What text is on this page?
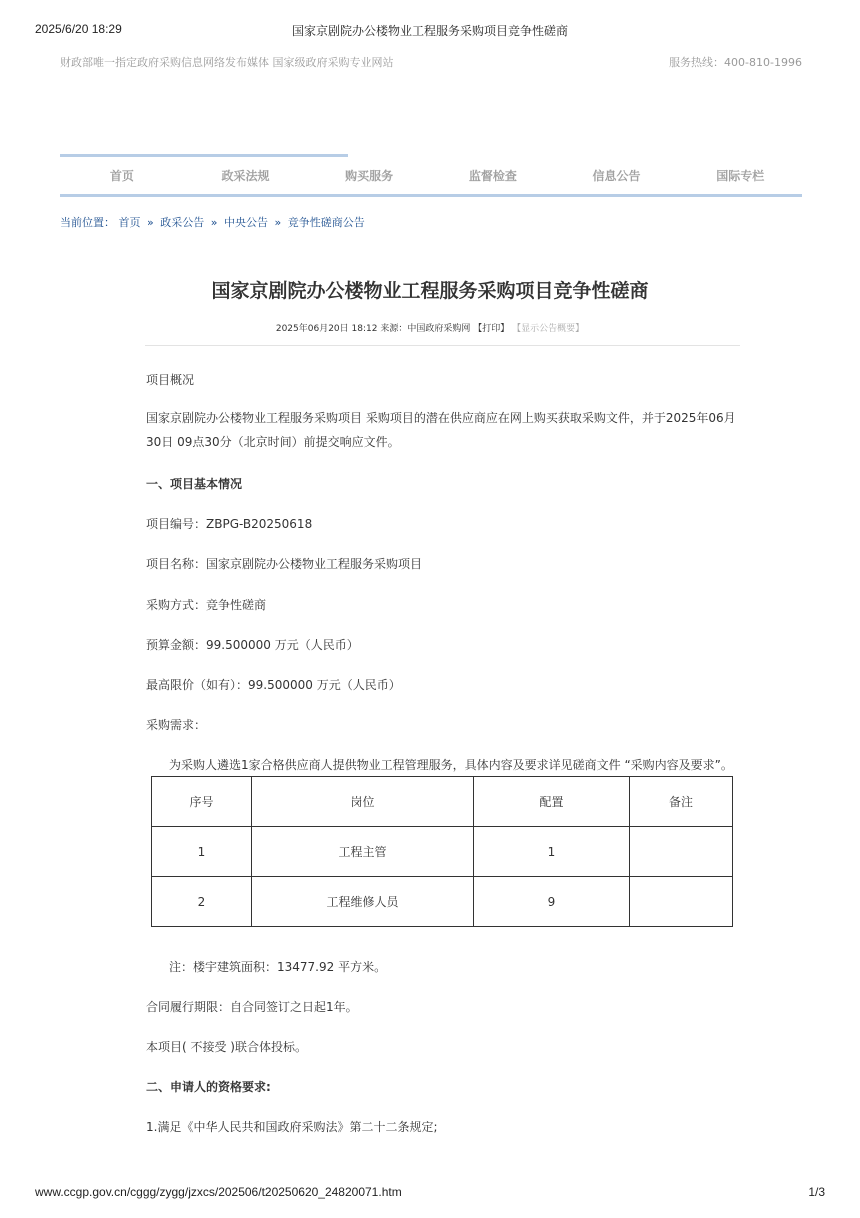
2025/6/20 18:29	国家京剧院办公楼物业工程服务采购项目竞争性磋商
财政部唯一指定政府采购信息网络发布媒体 国家级政府采购专业网站	服务热线：400-810-1996
首页	政采法规	购买服务	监督检查	信息公告	国际专栏
当前位置： 首页 » 政采公告 » 中央公告 » 竞争性磋商公告
国家京剧院办公楼物业工程服务采购项目竞争性磋商
2025年06月20日 18:12 来源：中国政府采购网 【打印】 【显示公告概要】
项目概况
国家京剧院办公楼物业工程服务采购项目 采购项目的潜在供应商应在网上购买获取采购文件，并于2025年06月30日 09点30分（北京时间）前提交响应文件。
一、项目基本情况
项目编号：ZBPG-B20250618
项目名称：国家京剧院办公楼物业工程服务采购项目
采购方式：竞争性磋商
预算金额：99.500000 万元（人民币）
最高限价（如有）：99.500000 万元（人民币）
采购需求：
为采购人遴选1家合格供应商人提供物业工程管理服务，具体内容及要求详见磋商文件 “采购内容及要求”。
序号	岗位	配置	备注
1	工程主管	1	
2	工程维修人员	9	
注：楼宇建筑面积：13477.92 平方米。
合同履行期限：自合同签订之日起1年。
本项目( 不接受 )联合体投标。
二、申请人的资格要求:
1.满足《中华人民共和国政府采购法》第二十二条规定;
www.ccgp.gov.cn/cggg/zygg/jzxcs/202506/t20250620_24820071.htm	1/3
